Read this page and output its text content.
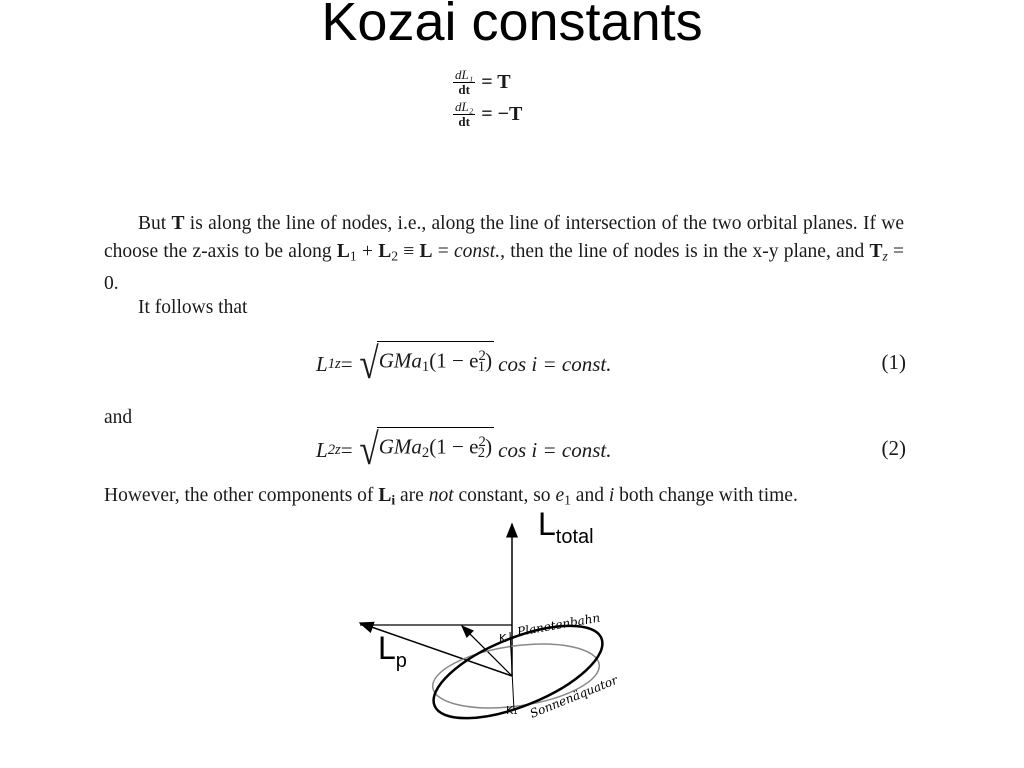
Kozai constants
$\frac{\text{dL₁}}{dt} = T$
$\frac{\text{dL₂}}{dt} = -T$
But T is along the line of nodes, i.e., along the line of intersection of the two orbital planes. If we choose the z-axis to be along $L_1 + L_2 \equiv L$ = const., then the line of nodes is in the x-y plane, and $T_z = 0$.
It follows that
L 1z = √ $GMa_1(1 - e^2_1)$ cos i = const.	(1)
and
L 2z = √ $GMa_2(1 - e^2_2)$ cos i = const.	(2)
However, the other components of $L_i$ are not constant, so $e_1$ and i both change with time.
Planetenbahn
Sonnenäquator
K
K₁
$L_{total}$
$L_p$
